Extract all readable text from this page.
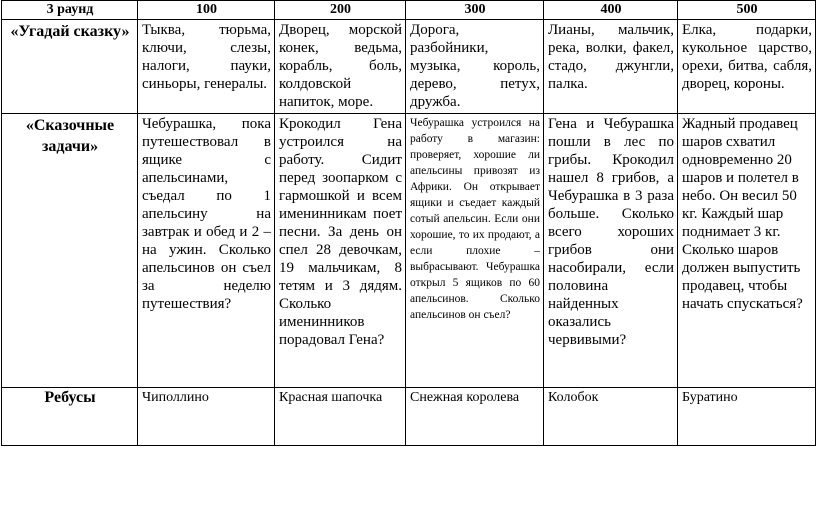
3 раунд	100	200	300	400	500
«Угадай сказку»	Тыква, тюрьма, ключи, слезы, налоги, пауки, синьоры, генералы.	Дворец, морской конек, ведьма, корабль, боль, колдовской напиток, море.	Дорога, разбойники, музыка, король, дерево, петух, дружба.	Лианы, мальчик, река, волки, факел, стадо, джунгли, палка.	Елка, подарки, кукольное царство, орехи, битва, сабля, дворец, короны.
«Сказочные задачи»	Чебурашка, пока путешествовал в ящике с апельсинами, съедал по 1 апельсину на завтрак и обед и 2 – на ужин. Сколько апельсинов он съел за неделю путешествия?	Крокодил Гена устроился на работу. Сидит перед зоопарком с гармошкой и всем именинникам поет песни. За день он спел 28 девочкам, 19 мальчикам, 8 тетям и 3 дядям. Сколько именинников порадовал Гена?	Чебурашка устроился на работу в магазин: проверяет, хорошие ли апельсины привозят из Африки. Он открывает ящики и съедает каждый сотый апельсин. Если они хорошие, то их продают, а если плохие – выбрасывают. Чебурашка открыл 5 ящиков по 60 апельсинов. Сколько апельсинов он съел?	Гена и Чебурашка пошли в лес по грибы. Крокодил нашел 8 грибов, а Чебурашка в 3 раза больше. Сколько всего хороших грибов они насобирали, если половина найденных оказались червивыми?	Жадный продавец шаров схватил одновременно 20 шаров и полетел в небо. Он весил 50 кг. Каждый шар поднимает 3 кг. Сколько шаров должен выпустить продавец, чтобы начать спускаться?
Ребусы	Чиполлино	Красная шапочка	Снежная королева	Колобок	Буратино
